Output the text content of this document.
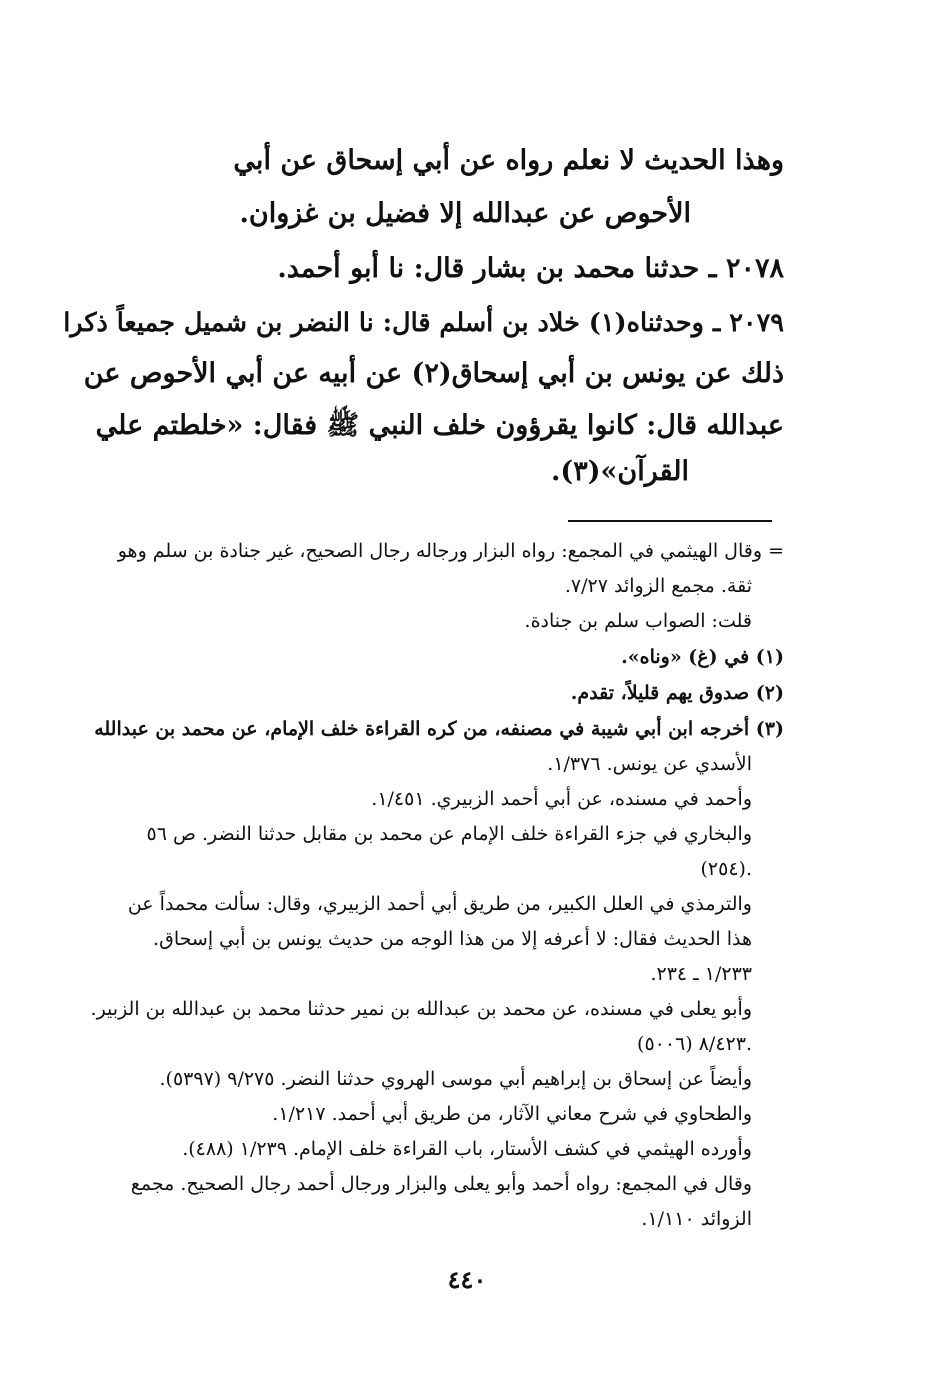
وهذا الحديث لا نعلم رواه عن أبي إسحاق عن أبي
الأحوص عن عبدالله إلا فضيل بن غزوان.
٢٠٧٨ ـ حدثنا محمد بن بشار قال: نا أبو أحمد.
٢٠٧٩ ـ وحدثناه(١) خلاد بن أسلم قال: نا النضر بن شميل جميعاً ذكرا
ذلك عن يونس بن أبي إسحاق(٢) عن أبيه عن أبي الأحوص عن
عبدالله قال: كانوا يقرؤون خلف النبي ﷺ فقال: «خلطتم علي
القرآن»(٣).
= وقال الهيثمي في المجمع: رواه البزار ورجاله رجال الصحيح، غير جنادة بن سلم وهو
ثقة. مجمع الزوائد ٧/٢٧.
قلت: الصواب سلم بن جنادة.
(١) في (غ) «وناه».
(٢) صدوق يهم قليلاً، تقدم.
(٣) أخرجه ابن أبي شيبة في مصنفه، من كره القراءة خلف الإمام، عن محمد بن عبدالله
الأسدي عن يونس. ١/٣٧٦.
وأحمد في مسنده، عن أبي أحمد الزبيري. ١/٤٥١.
والبخاري في جزء القراءة خلف الإمام عن محمد بن مقابل حدثنا النضر. ص ٥٦
(٢٥٤).
والترمذي في العلل الكبير، من طريق أبي أحمد الزبيري، وقال: سألت محمداً عن
هذا الحديث فقال: لا أعرفه إلا من هذا الوجه من حديث يونس بن أبي إسحاق.
١/٢٣٣ ـ ٢٣٤.
وأبو يعلى في مسنده، عن محمد بن عبدالله بن نمير حدثنا محمد بن عبدالله بن الزبير.
٨/٤٢٣ (٥٠٠٦).
وأيضاً عن إسحاق بن إبراهيم أبي موسى الهروي حدثنا النضر. ٩/٢٧٥ (٥٣٩٧).
والطحاوي في شرح معاني الآثار، من طريق أبي أحمد. ١/٢١٧.
وأورده الهيثمي في كشف الأستار، باب القراءة خلف الإمام. ١/٢٣٩ (٤٨٨).
وقال في المجمع: رواه أحمد وأبو يعلى والبزار ورجال أحمد رجال الصحيح. مجمع
الزوائد ١/١١٠.
٤٤٠
